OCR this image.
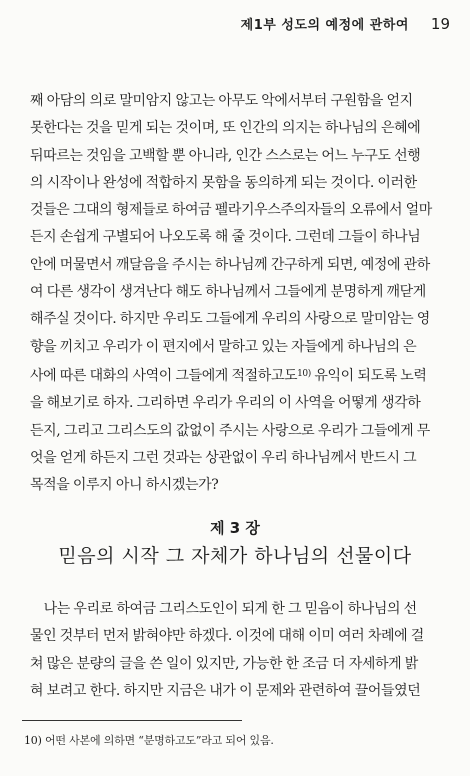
제1부 성도의 예정에 관하여 19

째 아담의 의로 말미암지 않고는 아무도 악에서부터 구원함을 얻지
못한다는 것을 믿게 되는 것이며, 또 인간의 의지는 하나님의 은혜에
뒤따르는 것임을 고백할 뿐 아니라, 인간 스스로는 어느 누구도 선행
의 시작이나 완성에 적합하지 못함을 동의하게 되는 것이다. 이러한
것들은 그대의 형제들로 하여금 펠라기우스주의자들의 오류에서 얼마
든지 손쉽게 구별되어 나오도록 해 줄 것이다. 그런데 그들이 하나님
안에 머물면서 깨달음을 주시는 하나님께 간구하게 되면, 예정에 관하
여 다른 생각이 생겨난다 해도 하나님께서 그들에게 분명하게 깨닫게
해주실 것이다. 하지만 우리도 그들에게 우리의 사랑으로 말미암는 영
향을 끼치고 우리가 이 편지에서 말하고 있는 자들에게 하나님의 은
사에 따른 대화의 사역이 그들에게 적절하고도$^{10)}$ 유익이 되도록 노력
을 해보기로 하자. 그리하면 우리가 우리의 이 사역을 어떻게 생각하
든지, 그리고 그리스도의 값없이 주시는 사랑으로 우리가 그들에게 무
엇을 얻게 하든지 그런 것과는 상관없이 우리 하나님께서 반드시 그
목적을 이루지 아니 하시겠는가?

제 3 장
믿음의 시작 그 자체가 하나님의 선물이다

　나는 우리로 하여금 그리스도인이 되게 한 그 믿음이 하나님의 선
물인 것부터 먼저 밝혀야만 하겠다. 이것에 대해 이미 여러 차례에 걸
쳐 많은 분량의 글을 쓴 일이 있지만, 가능한 한 조금 더 자세하게 밝
혀 보려고 한다. 하지만 지금은 내가 이 문제와 관련하여 끌어들였던

10) 어떤 사본에 의하면 “분명하고도”라고 되어 있음.
